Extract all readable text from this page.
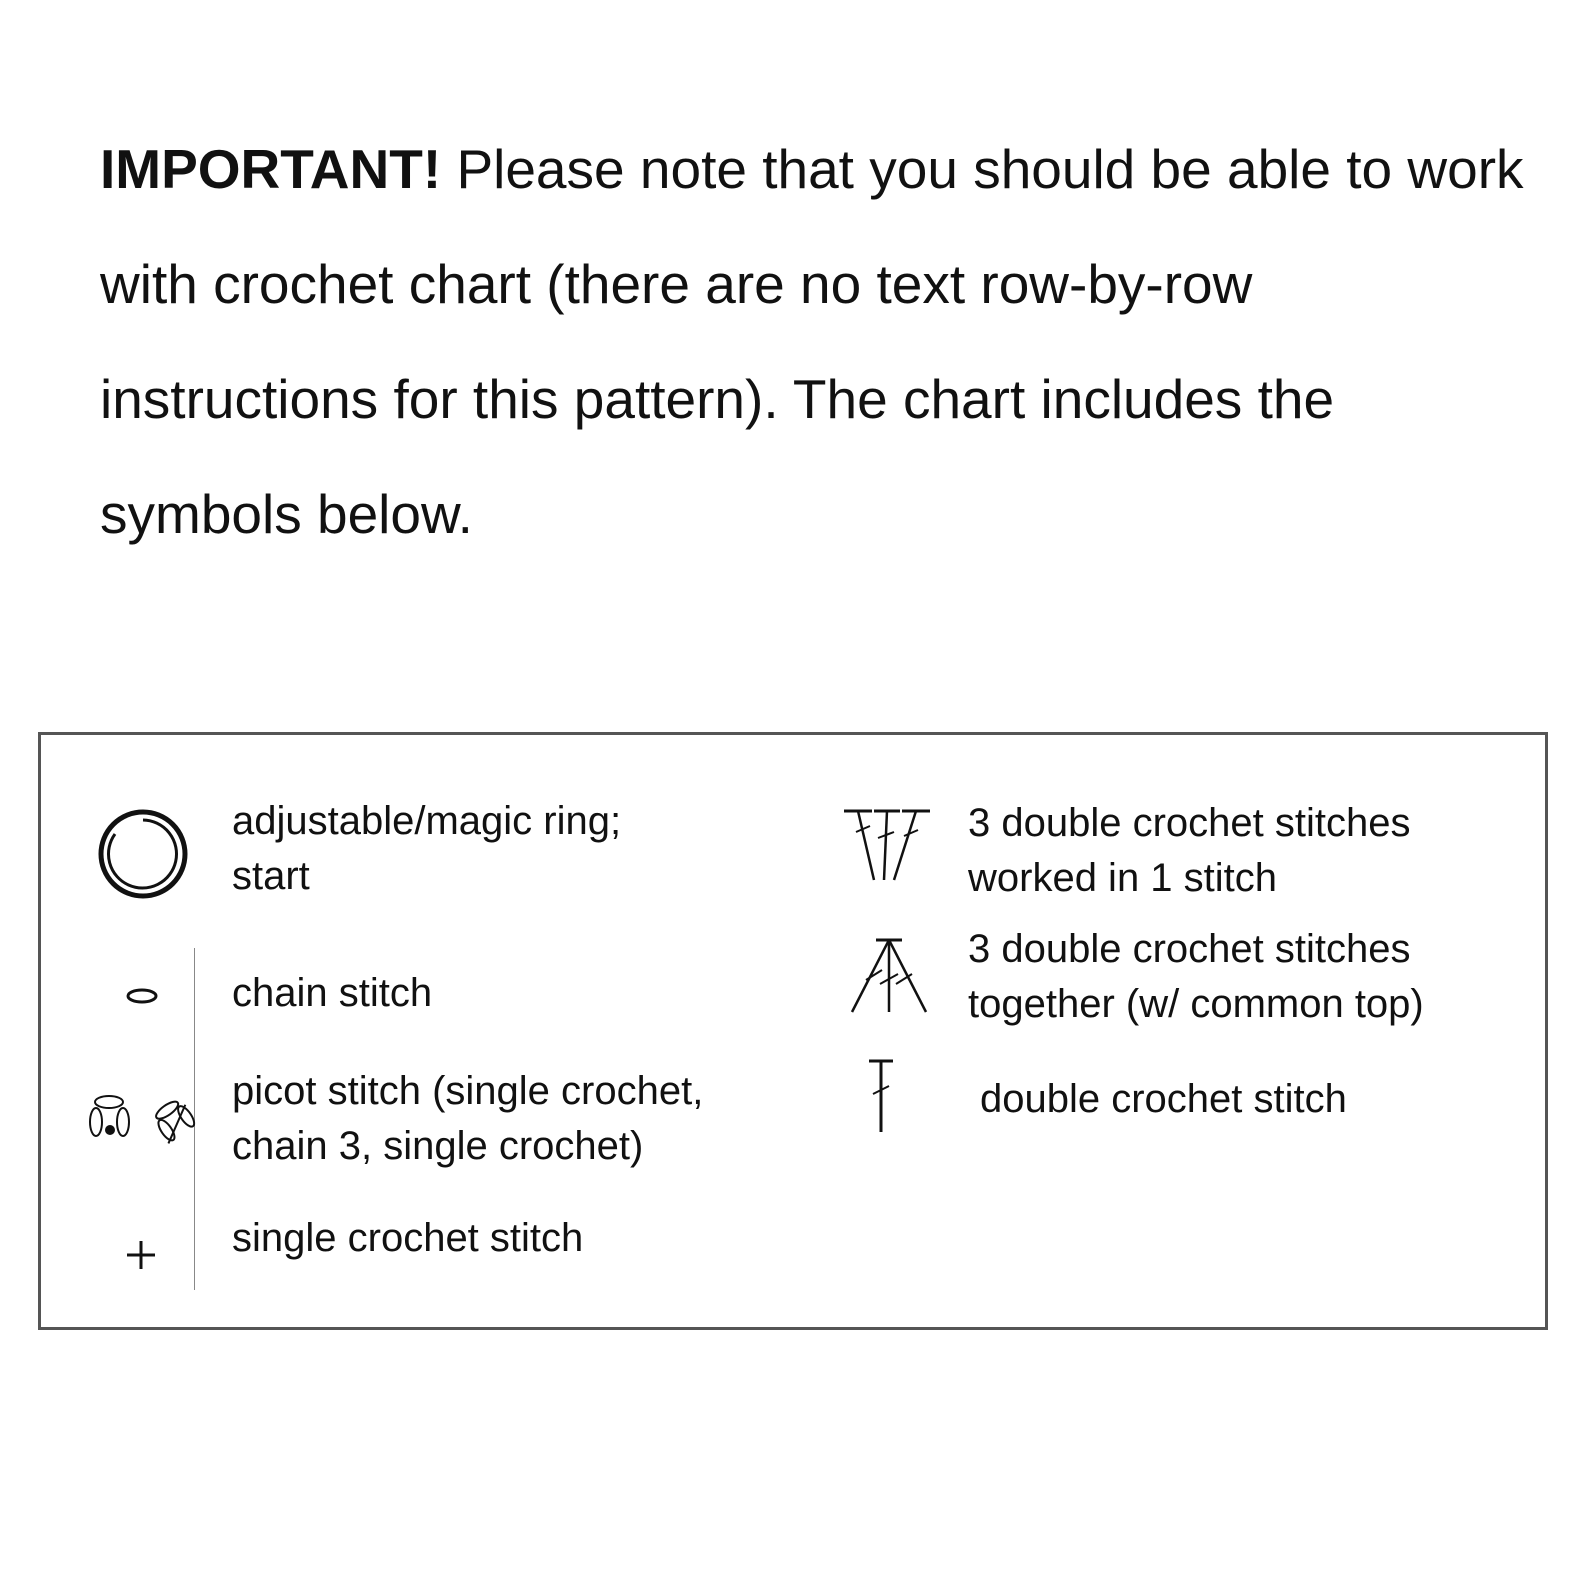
IMPORTANT! Please note that you should be able to work with crochet chart (there are no text row-by-row instructions for this pattern). The chart includes the symbols below.

adjustable/magic ring;
start
chain stitch
picot stitch (single crochet,
chain 3, single crochet)
single crochet stitch
3 double crochet stitches
worked in 1 stitch
3 double crochet stitches
together (w/ common top)
double crochet stitch
